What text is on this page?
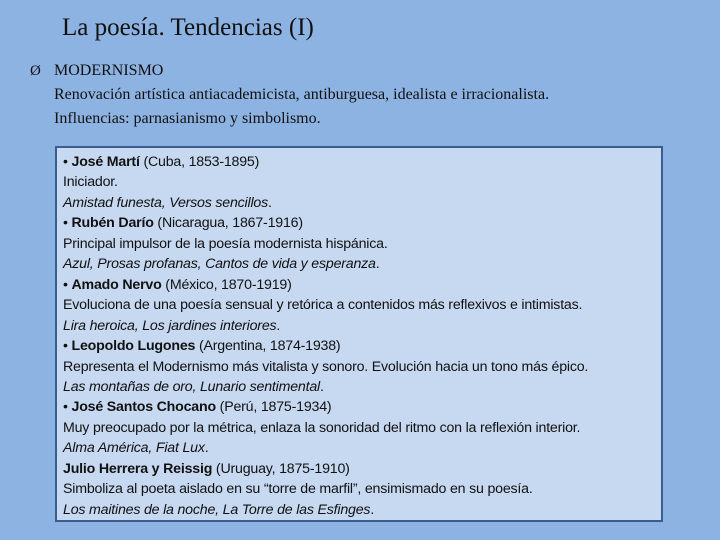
La poesía. Tendencias (I)
Ø MODERNISMO
Renovación artística antiacademicista, antiburguesa, idealista e irracionalista.
Influencias: parnasianismo y simbolismo.
• José Martí (Cuba, 1853-1895)
Iniciador.
Amistad funesta, Versos sencillos.
• Rubén Darío (Nicaragua, 1867-1916)
Principal impulsor de la poesía modernista hispánica.
Azul, Prosas profanas, Cantos de vida y esperanza.
• Amado Nervo (México, 1870-1919)
Evoluciona de una poesía sensual y retórica a contenidos más reflexivos e intimistas.
Lira heroica, Los jardines interiores.
• Leopoldo Lugones (Argentina, 1874-1938)
Representa el Modernismo más vitalista y sonoro. Evolución hacia un tono más épico.
Las montañas de oro, Lunario sentimental.
• José Santos Chocano (Perú, 1875-1934)
Muy preocupado por la métrica, enlaza la sonoridad del ritmo con la reflexión interior.
Alma América, Fiat Lux.
Julio Herrera y Reissig (Uruguay, 1875-1910)
Simboliza al poeta aislado en su “torre de marfil”, ensimismado en su poesía.
Los maitines de la noche, La Torre de las Esfinges.
